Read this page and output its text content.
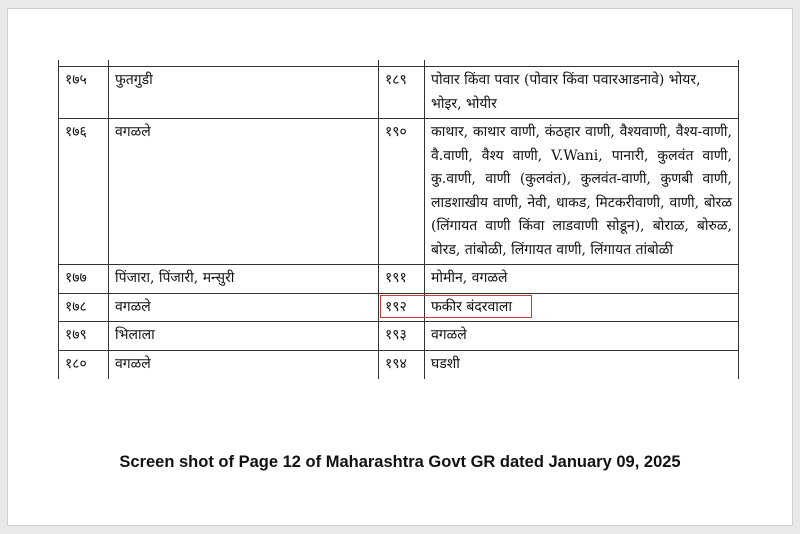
१७५	फुतगुडी	१८९	पोवार किंवा पवार (पोवार किंवा पवारआडनावे) भोयर, भोइर, भोयीर
१७६	वगळले	१९०	काथार, काथार वाणी, कंठहार वाणी, वैश्यवाणी, वैश्य-वाणी, वै.वाणी, वैश्य वाणी, V.Wani, पानारी, कुलवंत वाणी, कु.वाणी, वाणी (कुलवंत), कुलवंत-वाणी, कुणबी वाणी, लाडशाखीय वाणी, नेवी, धाकड, मिटकरीवाणी, वाणी, बोरळ (लिंगायत वाणी किंवा लाडवाणी सोडून), बोराळ, बोरुळ, बोरड, तांबोळी, लिंगायत वाणी, लिंगायत तांबोळी
१७७	पिंजारा, पिंजारी, मन्सुरी	१९१	मोमीन, वगळले
१७८	वगळले	१९२	फकीर बंदरवाला
१७९	भिलाला	१९३	वगळले
१८०	वगळले	१९४	घडशी
Screen shot of Page 12 of Maharashtra Govt GR dated January 09, 2025
